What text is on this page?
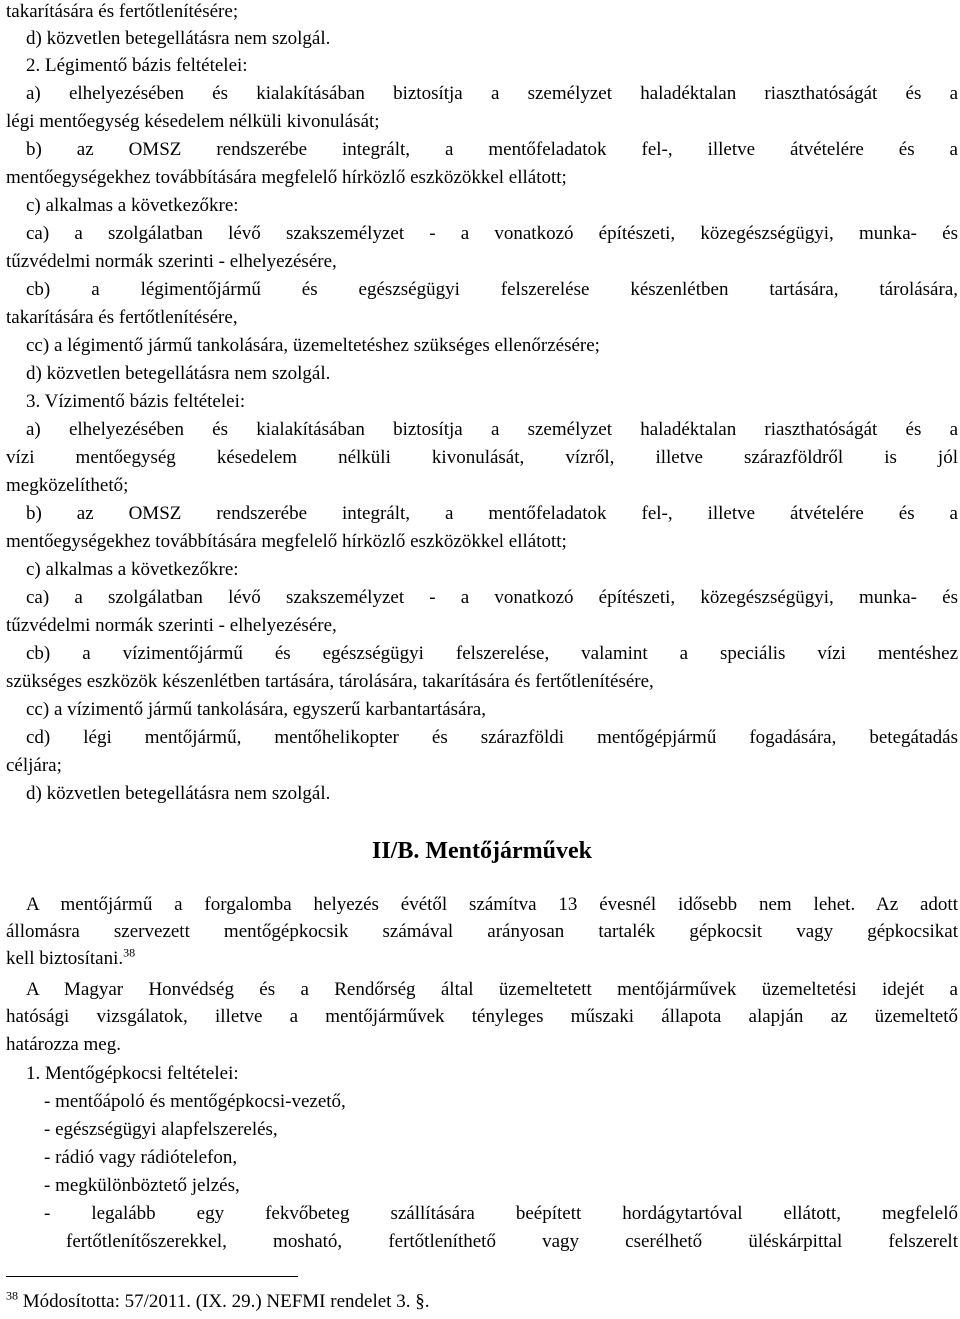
takarítására és fertőtlenítésére;
d) közvetlen betegellátásra nem szolgál.
2. Légimentő bázis feltételei:
a) elhelyezésében és kialakításában biztosítja a személyzet haladéktalan riaszthatóságát és a
légi mentőegység késedelem nélküli kivonulását;
b) az OMSZ rendszerébe integrált, a mentőfeladatok fel-, illetve átvételére és a
mentőegységekhez továbbítására megfelelő hírközlő eszközökkel ellátott;
c) alkalmas a következőkre:
ca) a szolgálatban lévő szakszemélyzet - a vonatkozó építészeti, közegészségügyi, munka- és
tűzvédelmi normák szerinti - elhelyezésére,
cb) a légimentőjármű és egészségügyi felszerelése készenlétben tartására, tárolására,
takarítására és fertőtlenítésére,
cc) a légimentő jármű tankolására, üzemeltetéshez szükséges ellenőrzésére;
d) közvetlen betegellátásra nem szolgál.
3. Vízimentő bázis feltételei:
a) elhelyezésében és kialakításában biztosítja a személyzet haladéktalan riaszthatóságát és a
vízi mentőegység késedelem nélküli kivonulását, vízről, illetve szárazföldről is jól
megközelíthető;
b) az OMSZ rendszerébe integrált, a mentőfeladatok fel-, illetve átvételére és a
mentőegységekhez továbbítására megfelelő hírközlő eszközökkel ellátott;
c) alkalmas a következőkre:
ca) a szolgálatban lévő szakszemélyzet - a vonatkozó építészeti, közegészségügyi, munka- és
tűzvédelmi normák szerinti - elhelyezésére,
cb) a vízimentőjármű és egészségügyi felszerelése, valamint a speciális vízi mentéshez
szükséges eszközök készenlétben tartására, tárolására, takarítására és fertőtlenítésére,
cc) a vízimentő jármű tankolására, egyszerű karbantartására,
cd) légi mentőjármű, mentőhelikopter és szárazföldi mentőgépjármű fogadására, betegátadás
céljára;
d) közvetlen betegellátásra nem szolgál.
II/B. Mentőjárművek
A mentőjármű a forgalomba helyezés évétől számítva 13 évesnél idősebb nem lehet. Az adott
állomásra szervezett mentőgépkocsik számával arányosan tartalék gépkocsit vagy gépkocsikat
kell biztosítani.$^{38}$
A Magyar Honvédség és a Rendőrség által üzemeltetett mentőjárművek üzemeltetési idejét a
hatósági vizsgálatok, illetve a mentőjárművek tényleges műszaki állapota alapján az üzemeltető
határozza meg.
1. Mentőgépkocsi feltételei:
- mentőápoló és mentőgépkocsi-vezető,
- egészségügyi alapfelszerelés,
- rádió vagy rádiótelefon,
- megkülönböztető jelzés,
- legalább egy fekvőbeteg szállítására beépített hordágytartóval ellátott, megfelelő
fertőtlenítőszerekkel, mosható, fertőtleníthető vagy cserélhető üléskárpittal felszerelt
$^{38}$ Módosította: 57/2011. (IX. 29.) NEFMI rendelet 3. §.
